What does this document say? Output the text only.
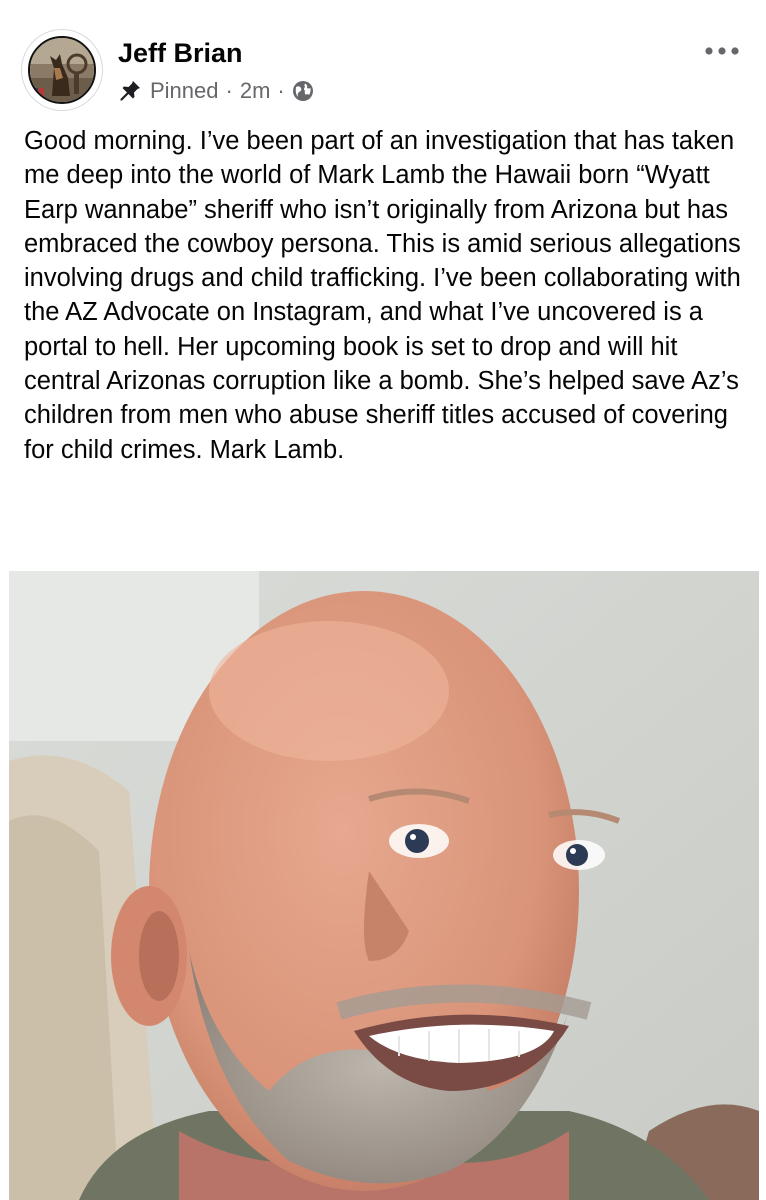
Jeff Brian
Pinned · 2m ·

Good morning. I’ve been part of an investigation that has taken me deep into the world of Mark Lamb the Hawaii born “Wyatt Earp wannabe” sheriff who isn’t originally from Arizona but has embraced the cowboy persona. This is amid serious allegations involving drugs and child trafficking. I’ve been collaborating with the AZ Advocate on Instagram, and what I’ve uncovered is a portal to hell. Her upcoming book is set to drop and will hit central Arizonas corruption like a bomb. She’s helped save Az’s children from men who abuse sheriff titles accused of covering for child crimes. Mark Lamb.
